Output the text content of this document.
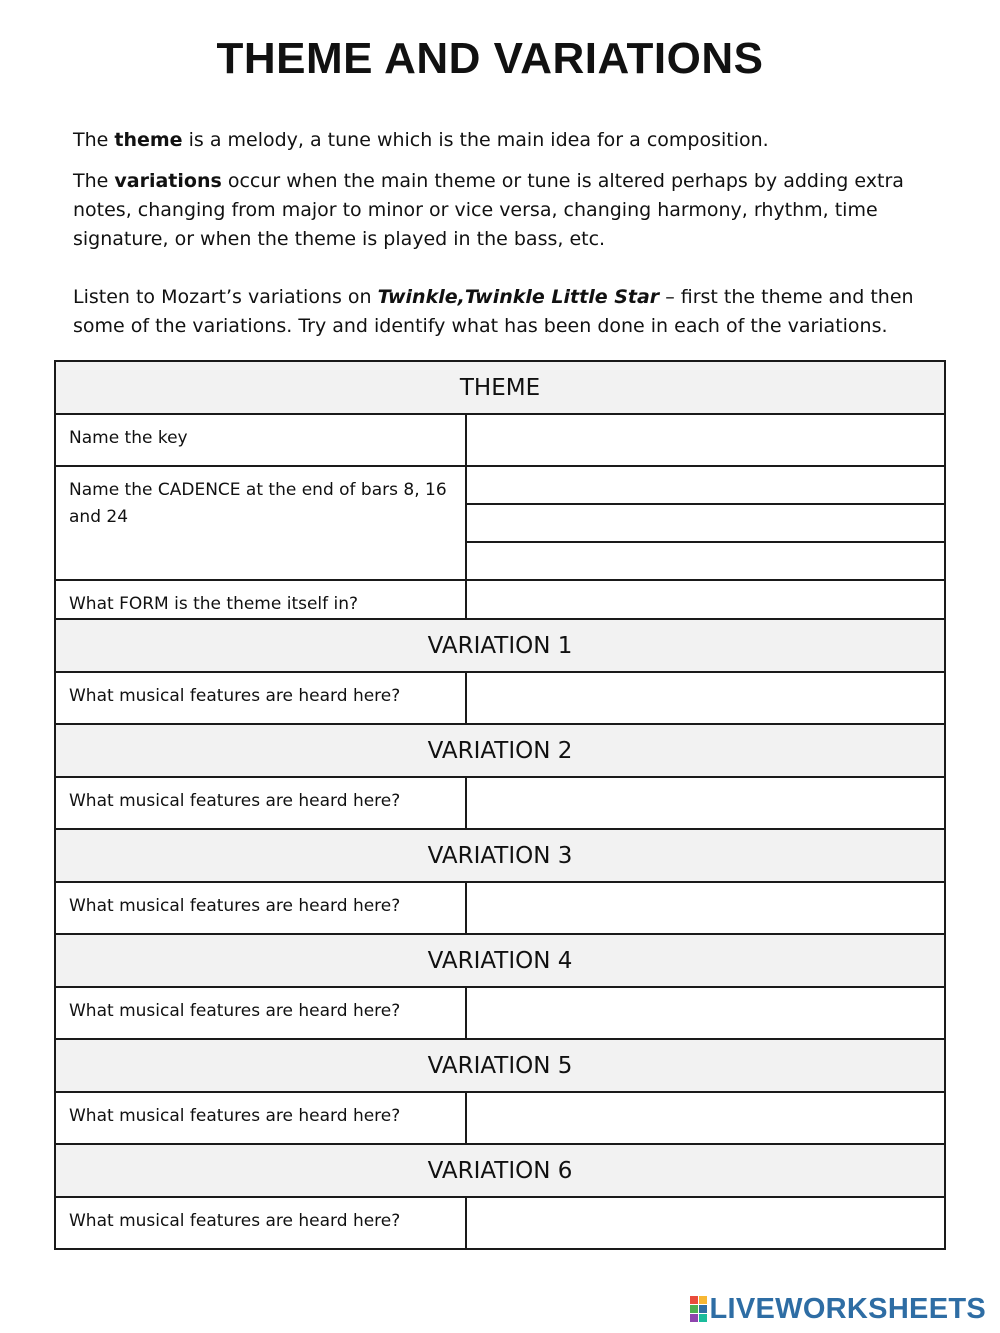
THEME AND VARIATIONS

The theme is a melody, a tune which is the main idea for a composition.

The variations occur when the main theme or tune is altered perhaps by adding extra notes, changing from major to minor or vice versa, changing harmony, rhythm, time signature, or when the theme is played in the bass, etc.

Listen to Mozart’s variations on Twinkle,Twinkle Little Star – first the theme and then some of the variations. Try and identify what has been done in each of the variations.

THEME	
Name the key	
Name the CADENCE at the end of bars 8, 16 and 24	

What FORM is the theme itself in?	
VARIATION 1	
What musical features are heard here?	
VARIATION 2	
What musical features are heard here?	
VARIATION 3	
What musical features are heard here?	
VARIATION 4	
What musical features are heard here?	
VARIATION 5	
What musical features are heard here?	
VARIATION 6	
What musical features are heard here?	
LIVEWORKSHEETS
